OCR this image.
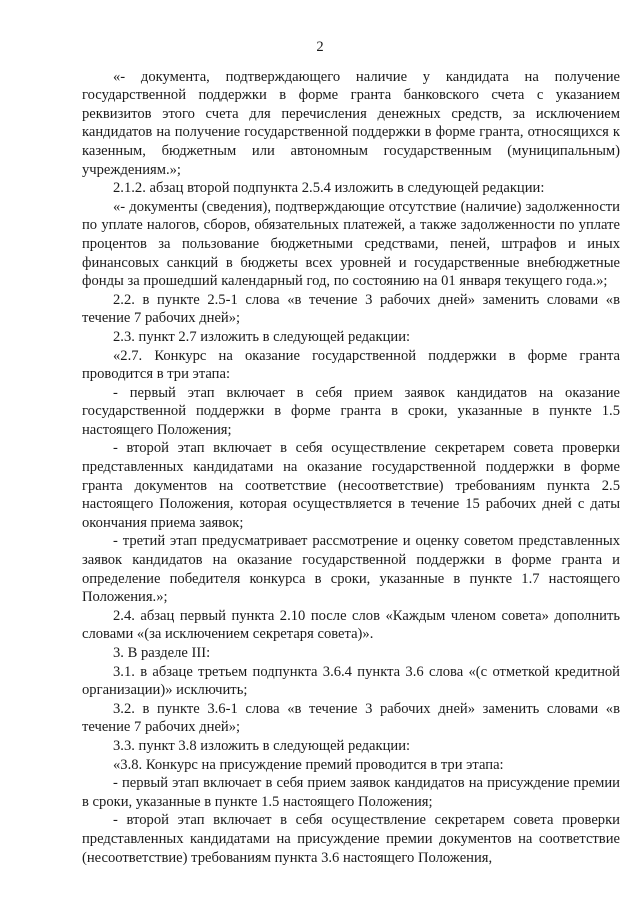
2

«- документа, подтверждающего наличие у кандидата на получение государственной поддержки в форме гранта банковского счета с указанием реквизитов этого счета для перечисления денежных средств, за исключением кандидатов на получение государственной поддержки в форме гранта, относящихся к казенным, бюджетным или автономным государственным (муниципальным) учреждениям.»;

2.1.2. абзац второй подпункта 2.5.4 изложить в следующей редакции:

«- документы (сведения), подтверждающие отсутствие (наличие) задолженности по уплате налогов, сборов, обязательных платежей, а также задолженности по уплате процентов за пользование бюджетными средствами, пеней, штрафов и иных финансовых санкций в бюджеты всех уровней и государственные внебюджетные фонды за прошедший календарный год, по состоянию на 01 января текущего года.»;

2.2. в пункте 2.5-1 слова «в течение 3 рабочих дней» заменить словами «в течение 7 рабочих дней»;

2.3. пункт 2.7 изложить в следующей редакции:

«2.7. Конкурс на оказание государственной поддержки в форме гранта проводится в три этапа:

- первый этап включает в себя прием заявок кандидатов на оказание государственной поддержки в форме гранта в сроки, указанные в пункте 1.5 настоящего Положения;

- второй этап включает в себя осуществление секретарем совета проверки представленных кандидатами на оказание государственной поддержки в форме гранта документов на соответствие (несоответствие) требованиям пункта 2.5 настоящего Положения, которая осуществляется в течение 15 рабочих дней с даты окончания приема заявок;

- третий этап предусматривает рассмотрение и оценку советом представленных заявок кандидатов на оказание государственной поддержки в форме гранта и определение победителя конкурса в сроки, указанные в пункте 1.7 настоящего Положения.»;

2.4. абзац первый пункта 2.10 после слов «Каждым членом совета» дополнить словами «(за исключением секретаря совета)».

3. В разделе III:

3.1. в абзаце третьем подпункта 3.6.4 пункта 3.6 слова «(с отметкой кредитной организации)» исключить;

3.2. в пункте 3.6-1 слова «в течение 3 рабочих дней» заменить словами «в течение 7 рабочих дней»;

3.3. пункт 3.8 изложить в следующей редакции:

«3.8. Конкурс на присуждение премий проводится в три этапа:

- первый этап включает в себя прием заявок кандидатов на присуждение премии в сроки, указанные в пункте 1.5 настоящего Положения;

- второй этап включает в себя осуществление секретарем совета проверки представленных кандидатами на присуждение премии документов на соответствие (несоответствие) требованиям пункта 3.6 настоящего Положения,
